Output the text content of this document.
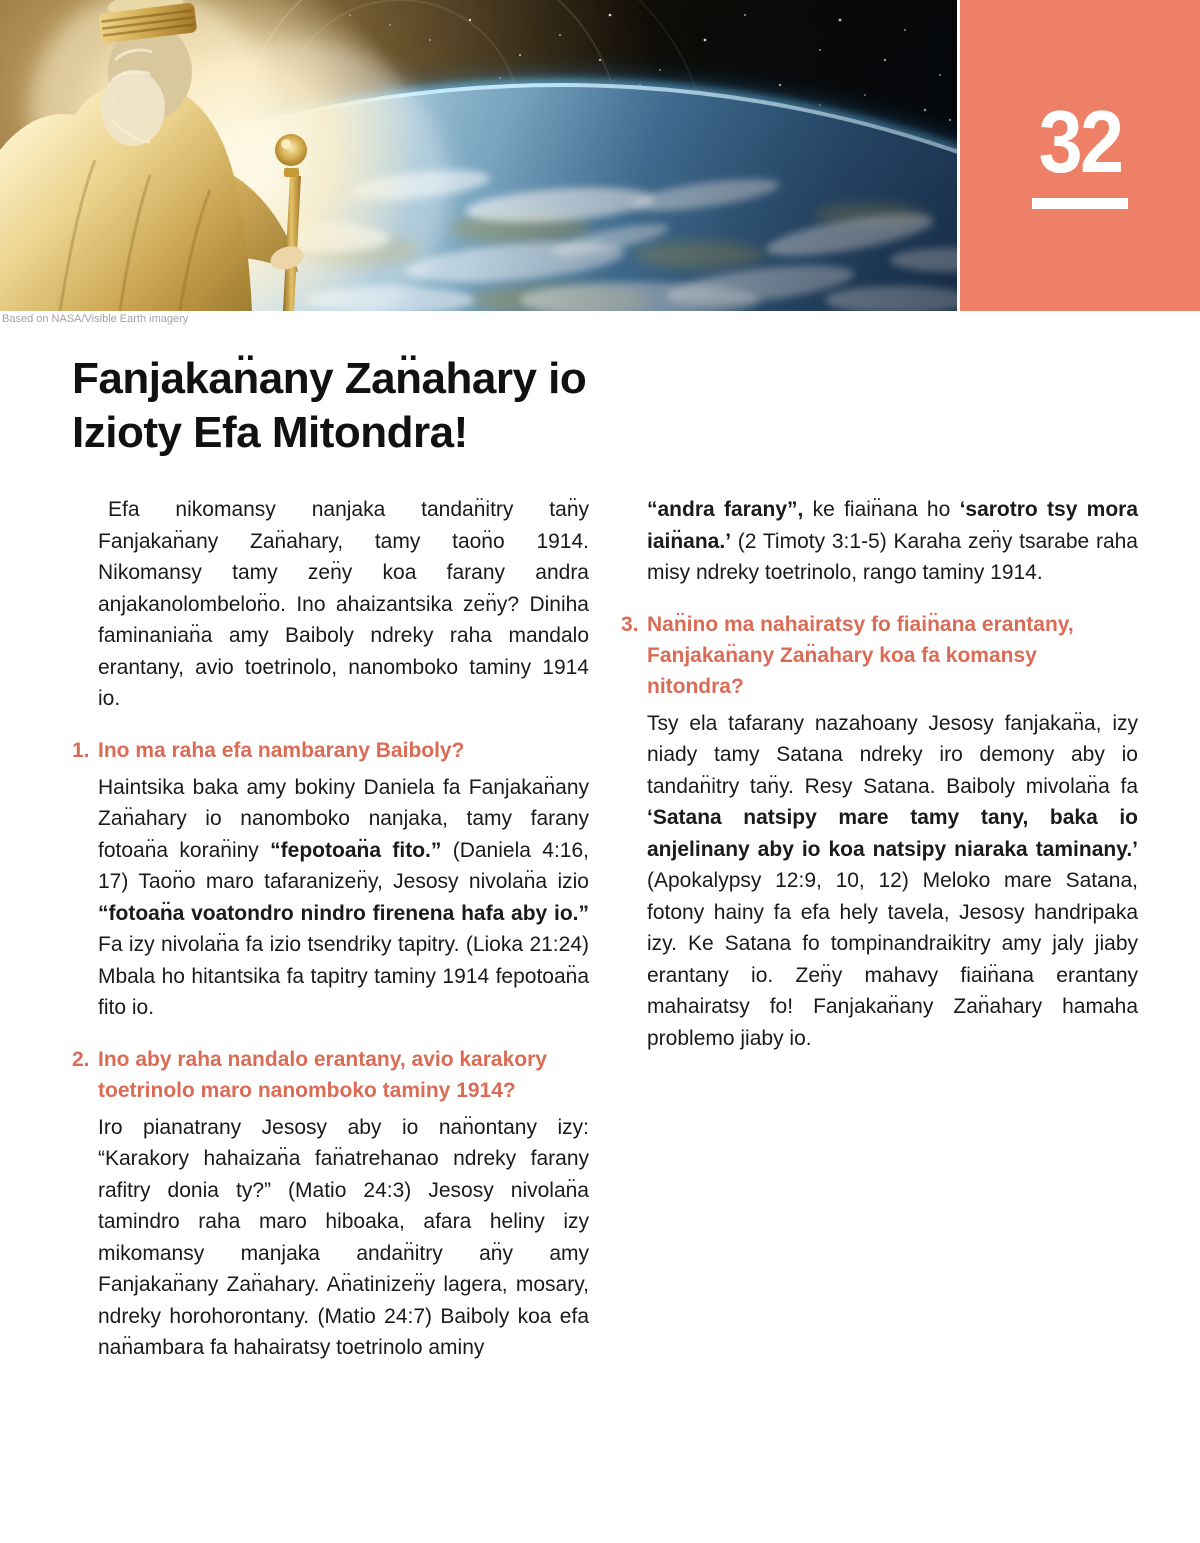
32
Based on NASA/Visible Earth imagery
Fanjakan̈any Zan̈ahary io
Izioty Efa Mitondra!

Efa nikomansy nanjaka tandan̈itry tan̈y Fanjakan̈any Zan̈ahary, tamy taon̈o 1914. Nikomansy tamy zen̈y koa farany andra anjakanolombelon̈o. Ino ahaizantsika zen̈y? Diniha faminanian̈a amy Baiboly ndreky raha mandalo erantany, avio toetrinolo, nanomboko taminy 1914 io.

1. Ino ma raha efa nambarany Baiboly?

Haintsika baka amy bokiny Daniela fa Fanjakan̈any Zan̈ahary io nanomboko nanjaka, tamy farany fotoan̈a koran̈iny “fepotoan̈a fito.” (Daniela 4:16, 17) Taon̈o maro tafaranizen̈y, Jesosy nivolan̈a izio “fotoan̈a voatondro nindro firenena hafa aby io.” Fa izy nivolan̈a fa izio tsendriky tapitry. (Lioka 21:24) Mbala ho hitantsika fa tapitry taminy 1914 fepotoan̈a fito io.

2. Ino aby raha nandalo erantany, avio karakory toetrinolo maro nanomboko taminy 1914?

Iro pianatrany Jesosy aby io nan̈ontany izy: “Karakory hahaizan̈a fan̈atrehanao ndreky farany rafitry donia ty?” (Matio 24:3) Jesosy nivolan̈a tamindro raha maro hiboaka, afara heliny izy mikomansy manjaka andan̈itry an̈y amy Fanjakan̈any Zan̈ahary. An̈atinizen̈y lagera, mosary, ndreky horohorontany. (Matio 24:7) Baiboly koa efa nan̈ambara fa hahairatsy toetrinolo aminy

“andra farany”, ke fiain̈ana ho ‘sarotro tsy mora iain̈ana.’ (2 Timoty 3:1-5) Karaha zen̈y tsarabe raha misy ndreky toetrinolo, rango taminy 1914.

3. Nan̈ino ma nahairatsy fo fiain̈ana erantany, Fanjakan̈any Zan̈ahary koa fa komansy nitondra?

Tsy ela tafarany nazahoany Jesosy fanjakan̈a, izy niady tamy Satana ndreky iro demony aby io tandan̈itry tan̈y. Resy Satana. Baiboly mivolan̈a fa ‘Satana natsipy mare tamy tany, baka io anjelinany aby io koa natsipy niaraka taminany.’ (Apokalypsy 12:9, 10, 12) Meloko mare Satana, fotony hainy fa efa hely tavela, Jesosy handripaka izy. Ke Satana fo tompinandraikitry amy jaly jiaby erantany io. Zen̈y mahavy fiain̈ana erantany mahairatsy fo! Fanjakan̈any Zan̈ahary hamaha problemo jiaby io.
